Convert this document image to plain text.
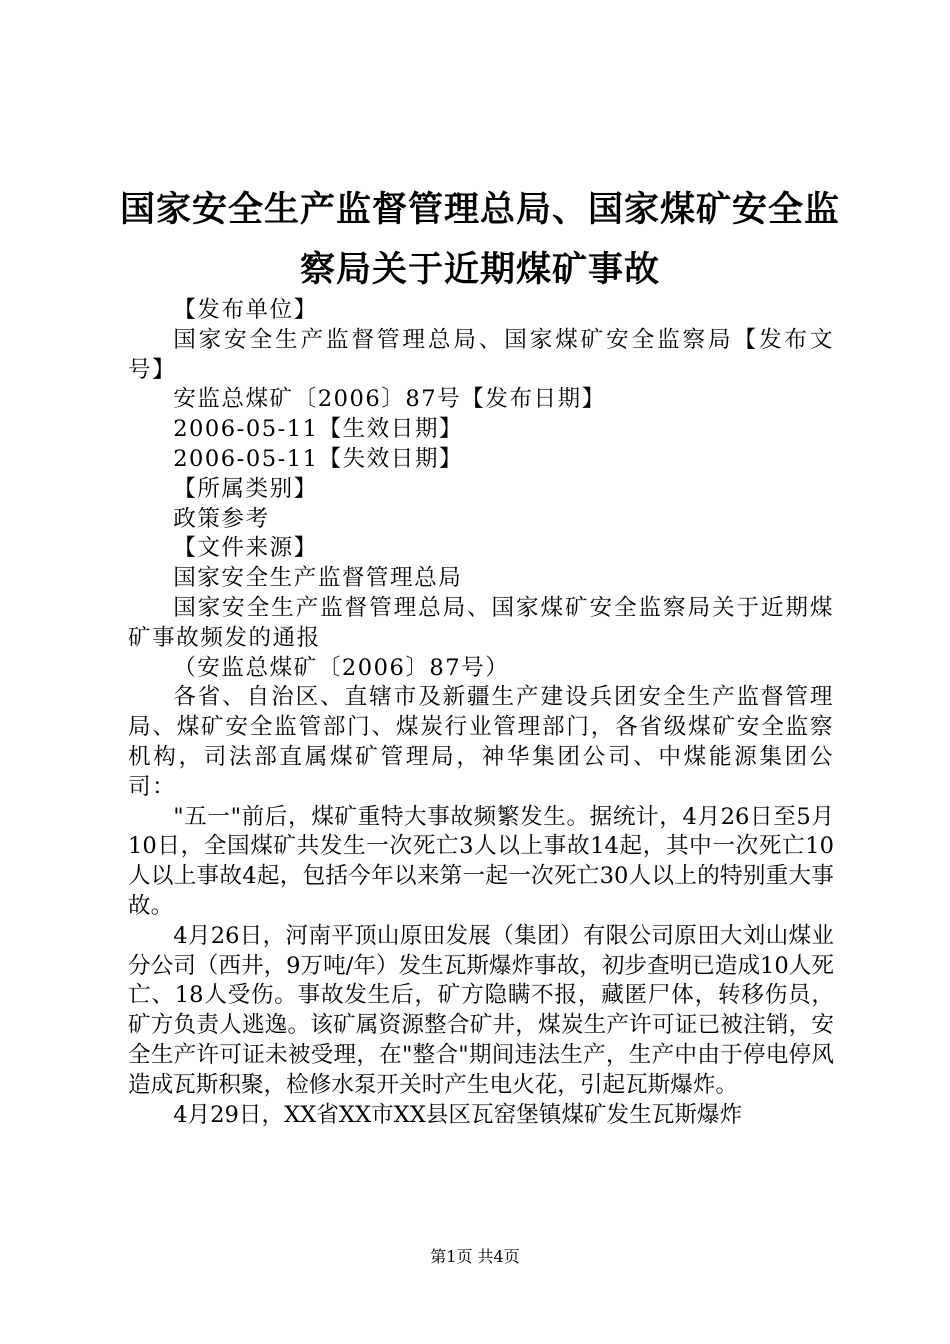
国家安全生产监督管理总局、国家煤矿安全监
察局关于近期煤矿事故

【发布单位】

国家安全生产监督管理总局、国家煤矿安全监察局【发布文号】

安监总煤矿〔2006〕87号【发布日期】

2006-05-11【生效日期】

2006-05-11【失效日期】

【所属类别】

政策参考

【文件来源】

国家安全生产监督管理总局

国家安全生产监督管理总局、国家煤矿安全监察局关于近期煤矿事故频发的通报

（安监总煤矿〔2006〕87号）

各省、自治区、直辖市及新疆生产建设兵团安全生产监督管理局、煤矿安全监管部门、煤炭行业管理部门，各省级煤矿安全监察机构，司法部直属煤矿管理局，神华集团公司、中煤能源集团公司：

"五一"前后，煤矿重特大事故频繁发生。据统计，4月26日至5月10日，全国煤矿共发生一次死亡3人以上事故14起，其中一次死亡10人以上事故4起，包括今年以来第一起一次死亡30人以上的特别重大事故。

4月26日，河南平顶山原田发展（集团）有限公司原田大刘山煤业分公司（西井，9万吨/年）发生瓦斯爆炸事故，初步查明已造成10人死亡、18人受伤。事故发生后，矿方隐瞒不报，藏匿尸体，转移伤员，矿方负责人逃逸。该矿属资源整合矿井，煤炭生产许可证已被注销，安全生产许可证未被受理，在"整合"期间违法生产，生产中由于停电停风造成瓦斯积聚，检修水泵开关时产生电火花，引起瓦斯爆炸。

4月29日，XX省XX市XX县区瓦窑堡镇煤矿发生瓦斯爆炸

第1页 共4页
